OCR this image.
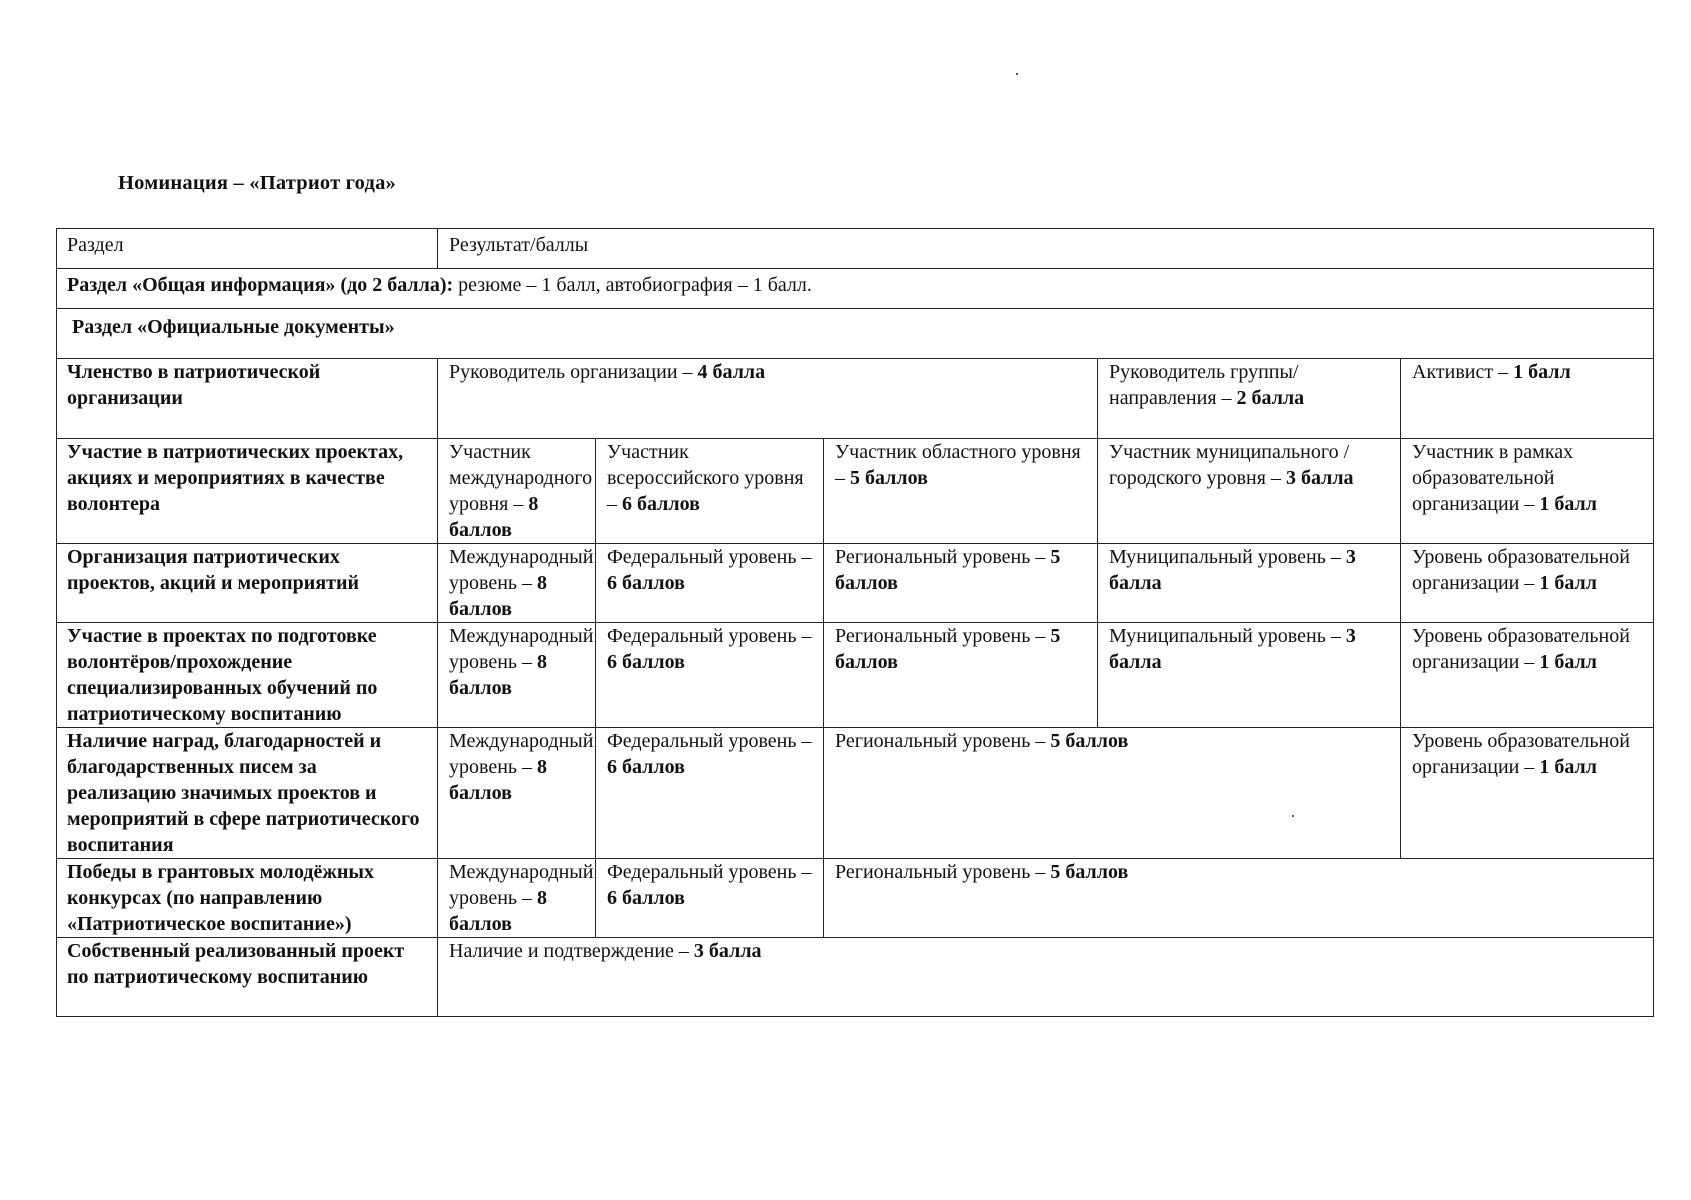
Номинация – «Патриот года»
Раздел	Результат/баллы				
Раздел «Общая информация» (до 2 балла): резюме – 1 балл, автобиография – 1 балл.					
Раздел «Официальные документы»					
Членство в патриотической организации	Руководитель организации – 4 балла			Руководитель группы/направления – 2 балла	Активист – 1 балл
Участие в патриотических проектах, акциях и мероприятиях в качестве волонтера	Участник международного уровня – 8 баллов	Участник всероссийского уровня – 6 баллов	Участник областного уровня – 5 баллов	Участник муниципального /городского уровня – 3 балла	Участник в рамках образовательной организации – 1 балл
Организация патриотических проектов, акций и мероприятий	Международный уровень – 8 баллов	Федеральный уровень – 6 баллов	Региональный уровень – 5 баллов	Муниципальный уровень – 3 балла	Уровень образовательной организации – 1 балл
Участие в проектах по подготовке волонтёров/прохождение специализированных обучений по патриотическому воспитанию	Международный уровень – 8 баллов	Федеральный уровень – 6 баллов	Региональный уровень – 5 баллов	Муниципальный уровень – 3 балла	Уровень образовательной организации – 1 балл
Наличие наград, благодарностей и благодарственных писем за реализацию значимых проектов и мероприятий в сфере патриотического воспитания	Международный уровень – 8 баллов	Федеральный уровень – 6 баллов	Региональный уровень – 5 баллов		Уровень образовательной организации – 1 балл
Победы в грантовых молодёжных конкурсах (по направлению «Патриотическое воспитание»)	Международный уровень – 8 баллов	Федеральный уровень – 6 баллов	Региональный уровень – 5 баллов		
Собственный реализованный проект по патриотическому воспитанию	Наличие и подтверждение – 3 балла				
